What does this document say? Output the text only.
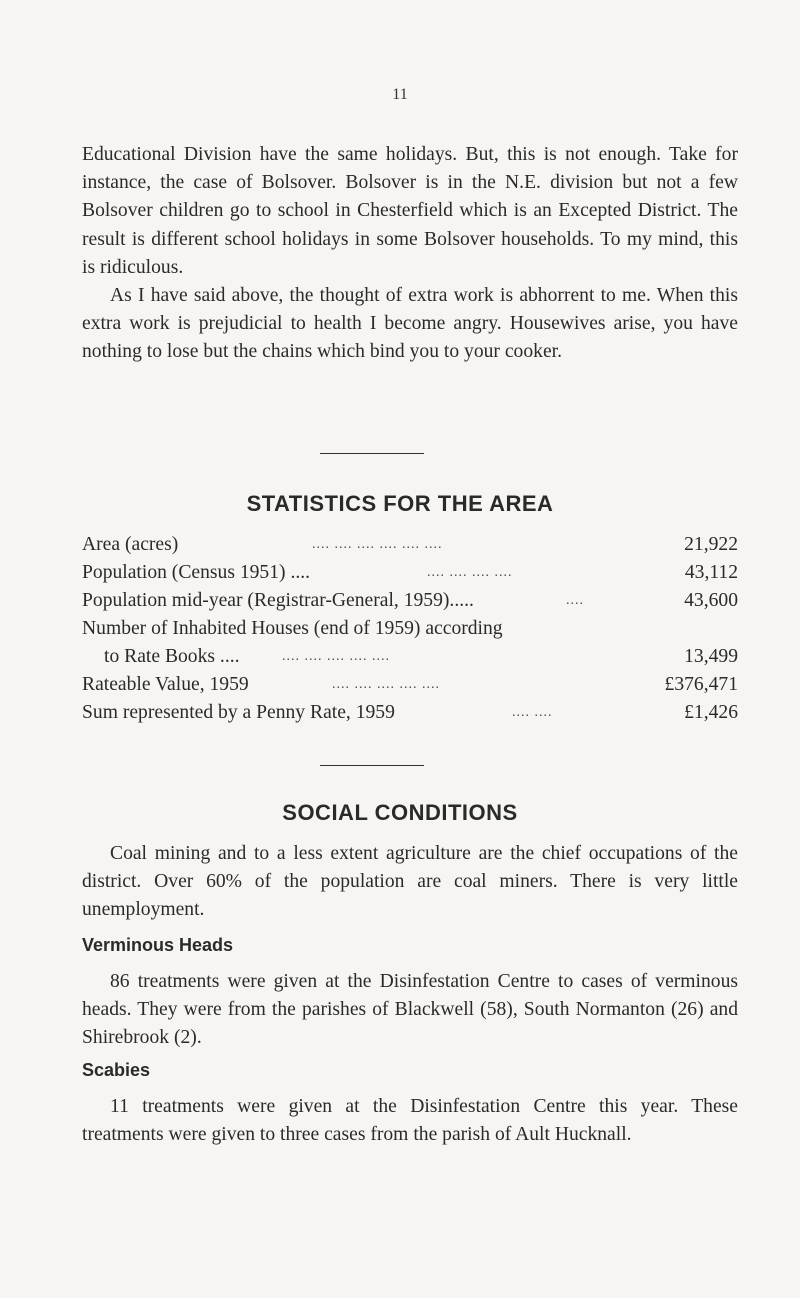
11

Educational Division have the same holidays. But, this is not enough. Take for instance, the case of Bolsover. Bolsover is in the N.E. division but not a few Bolsover children go to school in Chesterfield which is an Excepted District. The result is different school holidays in some Bolsover households. To my mind, this is ridiculous.

As I have said above, the thought of extra work is abhorrent to me. When this extra work is prejudicial to health I become angry. Housewives arise, you have nothing to lose but the chains which bind you to your cooker.

STATISTICS FOR THE AREA
Area (acres)	.... .... .... .... .... ....	21,922
Population (Census 1951) ....	.... .... .... ....	43,112
Population mid-year (Registrar-General, 1959).....	....	43,600
Number of Inhabited Houses (end of 1959) according
to Rate Books ....	.... .... .... .... ....	13,499
Rateable Value, 1959	.... .... .... .... ....	£376,471
Sum represented by a Penny Rate, 1959	.... ....	£1,426
SOCIAL CONDITIONS

Coal mining and to a less extent agriculture are the chief occupations of the district. Over 60% of the population are coal miners. There is very little unemployment.

Verminous Heads

86 treatments were given at the Disinfestation Centre to cases of verminous heads. They were from the parishes of Blackwell (58), South Normanton (26) and Shirebrook (2).

Scabies

11 treatments were given at the Disinfestation Centre this year. These treatments were given to three cases from the parish of Ault Hucknall.
